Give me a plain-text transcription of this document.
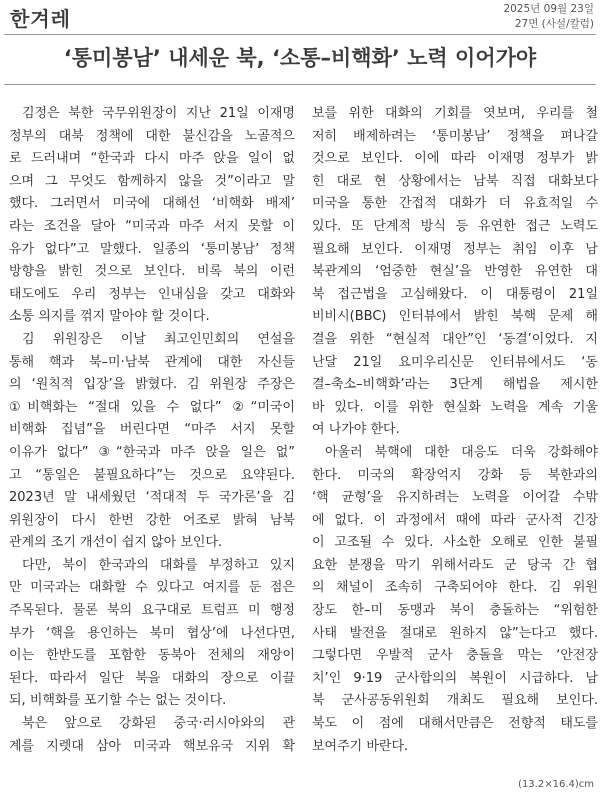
한겨레	2025년 09월 23일
27면 (사설/칼럼)
‘통미봉남’ 내세운 북, ‘소통–비핵화’ 노력 이어가야
김정은 북한 국무위원장이 지난 21일 이재명
정부의 대북 정책에 대한 불신감을 노골적으
로 드러내며 “한국과 다시 마주 앉을 일이 없
으며 그 무엇도 함께하지 않을 것”이라고 말
했다. 그러면서 미국에 대해선 ‘비핵화 배제’
라는 조건을 달아 “미국과 마주 서지 못할 이
유가 없다”고 말했다. 일종의 ‘통미봉남’ 정책
방향을 밝힌 것으로 보인다. 비록 북의 이런
태도에도 우리 정부는 인내심을 갖고 대화와
소통 의지를 꺾지 말아야 할 것이다.
김 위원장은 이날 최고인민회의 연설을
통해 핵과 북–미·남북 관계에 대한 자신들
의 ‘원칙적 입장’을 밝혔다. 김 위원장 주장은
①비핵화는 “절대 있을 수 없다” ②“미국이
비핵화 집념”을 버린다면 “마주 서지 못할
이유가 없다” ③“한국과 마주 앉을 일은 없”
고 “통일은 불필요하다”는 것으로 요약된다.
2023년 말 내세웠던 ‘적대적 두 국가론’을 김
위원장이 다시 한번 강한 어조로 밝혀 남북
관계의 조기 개선이 쉽지 않아 보인다.
다만, 북이 한국과의 대화를 부정하고 있지
만 미국과는 대화할 수 있다고 여지를 둔 점은
주목된다. 물론 북의 요구대로 트럼프 미 행정
부가 ‘핵을 용인하는 북미 협상’에 나선다면,
이는 한반도를 포함한 동북아 전체의 재앙이
된다. 따라서 일단 북을 대화의 장으로 이끌
되, 비핵화를 포기할 수는 없는 것이다.
북은 앞으로 강화된 중국·러시아와의 관
계를 지렛대 삼아 미국과 핵보유국 지위 확
보를 위한 대화의 기회를 엿보며, 우리를 철
저히 배제하려는 ‘통미봉남’ 정책을 펴나갈
것으로 보인다. 이에 따라 이재명 정부가 밝
힌 대로 현 상황에서는 남북 직접 대화보다
미국을 통한 간접적 대화가 더 유효적일 수
있다. 또 단계적 방식 등 유연한 접근 노력도
필요해 보인다. 이재명 정부는 취임 이후 남
북관계의 ‘엄중한 현실’을 반영한 유연한 대
북 접근법을 고심해왔다. 이 대통령이 21일
비비시(BBC) 인터뷰에서 밝힌 북핵 문제 해
결을 위한 “현실적 대안”인 ‘동결’이었다. 지
난달 21일 요미우리신문 인터뷰에서도 ‘동
결–축소–비핵화’라는 3단계 해법을 제시한
바 있다. 이를 위한 현실화 노력을 계속 기울
여 나가야 한다.
아울러 북핵에 대한 대응도 더욱 강화해야
한다. 미국의 확장억지 강화 등 북한과의
‘핵 균형’을 유지하려는 노력을 이어갈 수밖
에 없다. 이 과정에서 때에 따라 군사적 긴장
이 고조될 수 있다. 사소한 오해로 인한 불필
요한 분쟁을 막기 위해서라도 군 당국 간 협
의 채널이 조속히 구축되어야 한다. 김 위원
장도 한–미 동맹과 북이 충돌하는 “위험한
사태 발전을 절대로 원하지 않”는다고 했다.
그렇다면 우발적 군사 충돌을 막는 ‘안전장
치’인 9·19 군사합의의 복원이 시급하다. 남
북 군사공동위원회 개최도 필요해 보인다.
북도 이 점에 대해서만큼은 전향적 태도를
보여주기 바란다.
(13.2×16.4)cm
